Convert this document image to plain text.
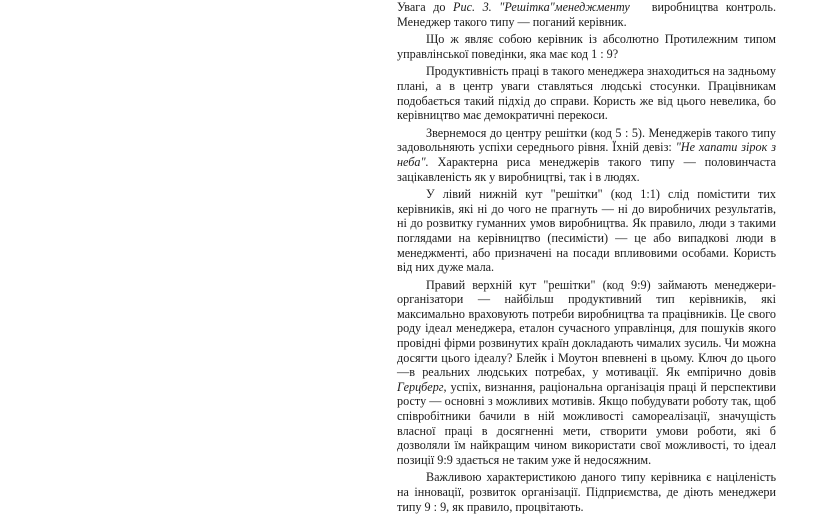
Увага до Рис. 3. "Решітка"менеджменту виробництва контроль. Менеджер такого типу — поганий керівник.

Що ж являє собою керівник із абсолютно Протилежним типом управлінської поведінки, яка має код 1 : 9?

Продуктивність праці в такого менеджера знаходиться на задньому плані, а в центр уваги ставляться людські стосунки. Працівникам подобається такий підхід до справи. Користь же від цього невелика, бо керівництво має демократичні перекоси.

Звернемося до центру решітки (код 5 : 5). Менеджерів такого типу задовольняють успіхи середнього рівня. Їхній девіз: "Не хапати зірок з неба". Характерна риса менеджерів такого типу — половинчаста зацікавленість як у виробництві, так і в людях.

У лівий нижній кут "решітки" (код 1:1) слід помістити тих керівників, які ні до чого не прагнуть — ні до виробничих результатів, ні до розвитку гуманних умов виробництва. Як правило, люди з такими поглядами на керівництво (песимісти) — це або випадкові люди в менеджменті, або призначені на посади впливовими особами. Користь від них дуже мала.

Правий верхній кут "решітки" (код 9:9) займають менеджери-організатори — найбільш продуктивний тип керівників, які максимально враховують потреби виробництва та працівників. Це свого роду ідеал менеджера, еталон сучасного управлінця, для пошуків якого провідні фірми розвинутих країн докладають чималих зусиль. Чи можна досягти цього ідеалу? Блейк і Моутон впевнені в цьому. Ключ до цього—в реальних людських потребах, у мотивації. Як емпірично довів Герцберг, успіх, визнання, раціональна організація праці й перспективи росту — основні з можливих мотивів. Якщо побудувати роботу так, щоб співробітники бачили в ній можливості самореалізації, значущість власної праці в досягненні мети, створити умови роботи, які б дозволяли їм найкращим чином використати свої можливості, то ідеал позиції 9:9 здається не таким уже й недосяжним.

Важливою характеристикою даного типу керівника є націленість на інновації, розвиток організації. Підприємства, де діють менеджери типу 9 : 9, як правило, процвітають.
